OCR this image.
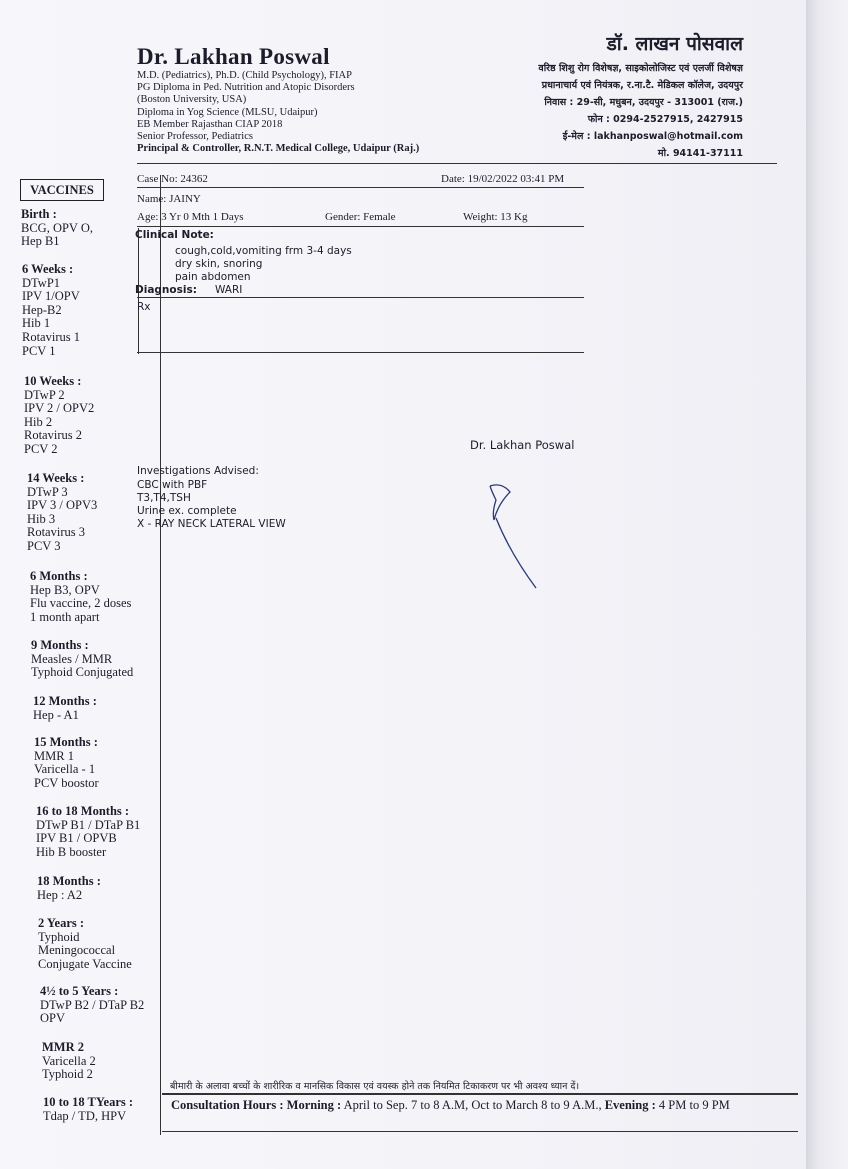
Dr. Lakhan Poswal
M.D. (Pediatrics), Ph.D. (Child Psychology), FIAP
PG Diploma in Ped. Nutrition and Atopic Disorders
(Boston University, USA)
Diploma in Yog Science (MLSU, Udaipur)
EB Member Rajasthan CIAP 2018
Senior Professor, Pediatrics
Principal & Controller, R.N.T. Medical College, Udaipur (Raj.)
डॉ. लाखन पोसवाल
वरिष्ठ शिशु रोग विशेषज्ञ, साइकोलोजिस्ट एवं एलर्जी विशेषज्ञ
प्रधानाचार्य एवं नियंत्रक, र.ना.टै. मेडिकल कॉलेज, उदयपुर
निवास : 29-सी, मधुबन, उदयपुर - 313001 (राज.)
फोन : 0294-2527915, 2427915
ई-मेल : lakhanposwal@hotmail.com
मो. 94141-37111
VACCINES
Birth :
BCG, OPV O,
Hep B1
6 Weeks :
DTwP1
IPV 1/OPV
Hep-B2
Hib 1
Rotavirus 1
PCV 1
10 Weeks :
DTwP 2
IPV 2 / OPV2
Hib 2
Rotavirus 2
PCV 2
14 Weeks :
DTwP 3
IPV 3 / OPV3
Hib 3
Rotavirus 3
PCV 3
6 Months :
Hep B3, OPV
Flu vaccine, 2 doses
1 month apart
9 Months :
Measles / MMR
Typhoid Conjugated
12 Months :
Hep - A1
15 Months :
MMR 1
Varicella - 1
PCV boostor
16 to 18 Months :
DTwP B1 / DTaP B1
IPV B1 / OPVB
Hib B booster
18 Months :
Hep : A2
2 Years :
Typhoid
Meningococcal
Conjugate Vaccine
4½ to 5 Years :
DTwP B2 / DTaP B2
OPV
MMR 2
Varicella 2
Typhoid 2
10 to 18 TYears :
Tdap / TD, HPV
Case No: 24362	Date: 19/02/2022 03:41 PM
Name: JAINY
Age: 3 Yr 0 Mth 1 Days	Gender: Female	Weight: 13 Kg
Clinical Note:
cough,cold,vomiting frm 3-4 days
dry skin, snoring
pain abdomen
Diagnosis: WARI
Rx
Dr. Lakhan Poswal
Investigations Advised:
CBC with PBF
T3,T4,TSH
Urine ex. complete
X - RAY NECK LATERAL VIEW
बीमारी के अलावा बच्चों के शारीरिक व मानसिक विकास एवं वयस्क होने तक नियमित टिकाकरण पर भी अवश्य ध्यान दें।
Consultation Hours : Morning : April to Sep. 7 to 8 A.M, Oct to March 8 to 9 A.M., Evening : 4 PM to 9 PM
